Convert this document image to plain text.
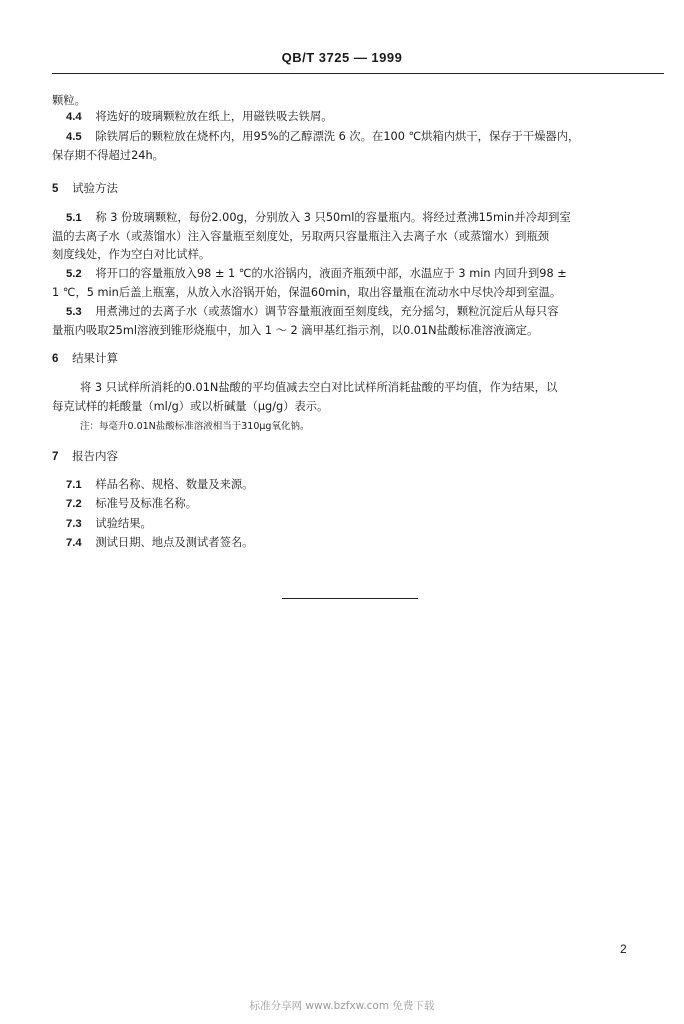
QB/T 3725 — 1999
颗粒。
4.4 将选好的玻璃颗粒放在纸上，用磁铁吸去铁屑。
4.5 除铁屑后的颗粒放在烧杯内，用95%的乙醇漂洗 6 次。在100 ℃烘箱内烘干，保存于干燥器内，
保存期不得超过24h。
5 试验方法
5.1 称 3 份玻璃颗粒，每份2.00g，分别放入 3 只50ml的容量瓶内。将经过煮沸15min并冷却到室
温的去离子水（或蒸馏水）注入容量瓶至刻度处，另取两只容量瓶注入去离子水（或蒸馏水）到瓶颈
刻度线处，作为空白对比试样。
5.2 将开口的容量瓶放入98 ± 1 ℃的水浴锅内，液面齐瓶颈中部，水温应于 3 min 内回升到98 ±
1 ℃，5 min后盖上瓶塞，从放入水浴锅开始，保温60min，取出容量瓶在流动水中尽快冷却到室温。
5.3 用煮沸过的去离子水（或蒸馏水）调节容量瓶液面至刻度线，充分摇匀，颗粒沉淀后从每只容
量瓶内吸取25ml溶液到锥形烧瓶中，加入 1 ～ 2 滴甲基红指示剂，以0.01N盐酸标准溶液滴定。
6 结果计算
将 3 只试样所消耗的0.01N盐酸的平均值减去空白对比试样所消耗盐酸的平均值，作为结果，以
每克试样的耗酸量（ml/g）或以析碱量（μg/g）表示。
注：每毫升0.01N盐酸标准溶液相当于310μg氧化钠。
7 报告内容
7.1 样品名称、规格、数量及来源。
7.2 标准号及标准名称。
7.3 试验结果。
7.4 测试日期、地点及测试者签名。
2
标准分享网 www.bzfxw.com 免费下载
